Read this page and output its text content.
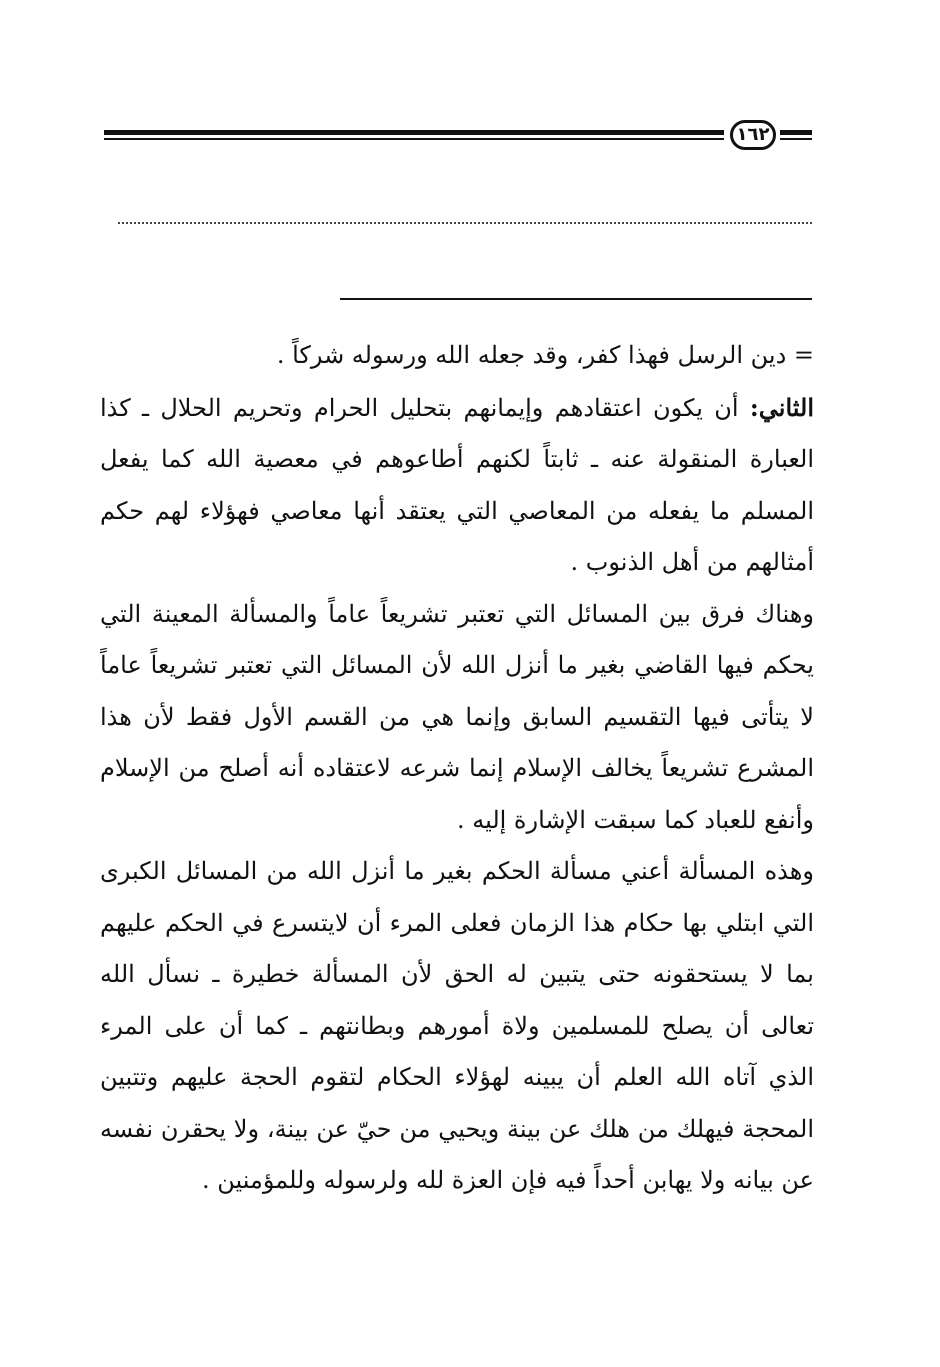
١٦٢

= دين الرسل فهذا كفر، وقد جعله الله ورسوله شركاً .

الثاني: أن يكون اعتقادهم وإيمانهم بتحليل الحرام وتحريم الحلال ـ كذا العبارة المنقولة عنه ـ ثابتاً لكنهم أطاعوهم في معصية الله كما يفعل المسلم ما يفعله من المعاصي التي يعتقد أنها معاصي فهؤلاء لهم حكم أمثالهم من أهل الذنوب .

وهناك فرق بين المسائل التي تعتبر تشريعاً عاماً والمسألة المعينة التي يحكم فيها القاضي بغير ما أنزل الله لأن المسائل التي تعتبر تشريعاً عاماً لا يتأتى فيها التقسيم السابق وإنما هي من القسم الأول فقط لأن هذا المشرع تشريعاً يخالف الإسلام إنما شرعه لاعتقاده أنه أصلح من الإسلام وأنفع للعباد كما سبقت الإشارة إليه .

وهذه المسألة أعني مسألة الحكم بغير ما أنزل الله من المسائل الكبرى التي ابتلي بها حكام هذا الزمان فعلى المرء أن لايتسرع في الحكم عليهم بما لا يستحقونه حتى يتبين له الحق لأن المسألة خطيرة ـ نسأل الله تعالى أن يصلح للمسلمين ولاة أمورهم وبطانتهم ـ كما أن على المرء الذي آتاه الله العلم أن يبينه لهؤلاء الحكام لتقوم الحجة عليهم وتتبين المحجة فيهلك من هلك عن بينة ويحيي من حيّ عن بينة، ولا يحقرن نفسه عن بيانه ولا يهابن أحداً فيه فإن العزة لله ولرسوله وللمؤمنين .
